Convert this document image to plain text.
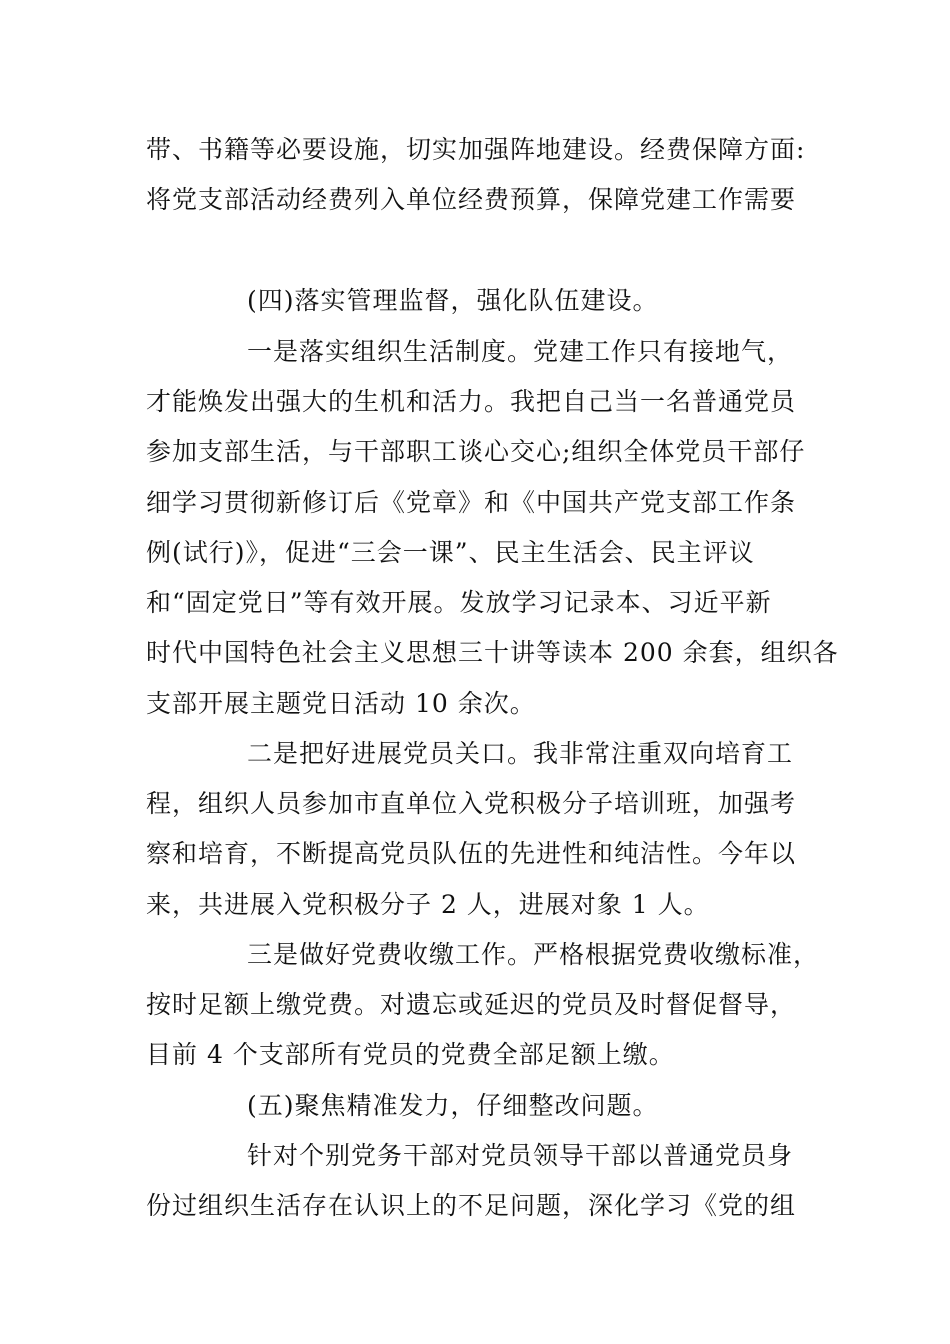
带、书籍等必要设施，切实加强阵地建设。经费保障方面:
将党支部活动经费列入单位经费预算，保障党建工作需要
(四)落实管理监督，强化队伍建设。
一是落实组织生活制度。党建工作只有接地气，
才能焕发出强大的生机和活力。我把自己当一名普通党员
参加支部生活，与干部职工谈心交心;组织全体党员干部仔
细学习贯彻新修订后《党章》和《中国共产党支部工作条
例(试行)》，促进“三会一课”、民主生活会、民主评议
和“固定党日”等有效开展。发放学习记录本、习近平新
时代中国特色社会主义思想三十讲等读本 200 余套，组织各
支部开展主题党日活动 10 余次。
二是把好进展党员关口。我非常注重双向培育工
程，组织人员参加市直单位入党积极分子培训班，加强考
察和培育，不断提高党员队伍的先进性和纯洁性。今年以
来，共进展入党积极分子 2 人，进展对象 1 人。
三是做好党费收缴工作。严格根据党费收缴标准，
按时足额上缴党费。对遗忘或延迟的党员及时督促督导，
目前 4 个支部所有党员的党费全部足额上缴。
(五)聚焦精准发力，仔细整改问题。
针对个别党务干部对党员领导干部以普通党员身
份过组织生活存在认识上的不足问题，深化学习《党的组
